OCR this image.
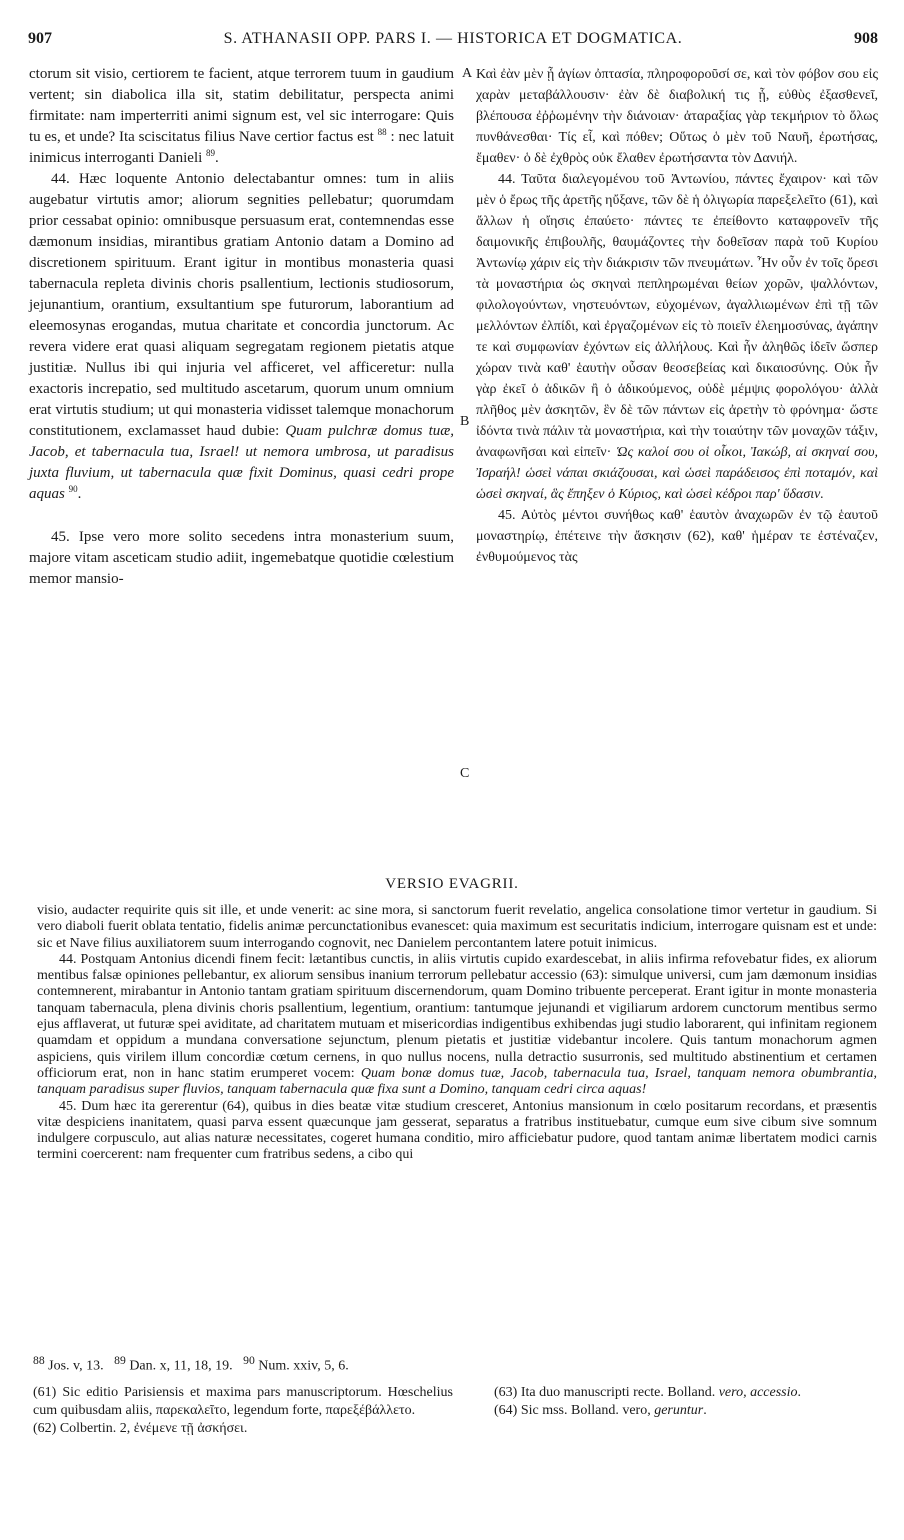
907	S. ATHANASII OPP. PARS I. — HISTORICA ET DOGMATICA.	908

ctorum sit visio, certiorem te facient, atque terrorem tuum in gaudium vertent; sin diabolica illa sit, statim debilitatur, perspecta animi firmitate: nam imperterriti animi signum est, vel sic interrogare: Quis tu es, et unde? Ita sciscitatus filius Nave certior factus est $^{88}$ : nec latuit inimicus interroganti Danieli $^{89}$.

44. Hæc loquente Antonio delectabantur omnes: tum in aliis augebatur virtutis amor; aliorum segnities pellebatur; quorumdam prior cessabat opinio: omnibusque persuasum erat, contemnendas esse dæmonum insidias, mirantibus gratiam Antonio datam a Domino ad discretionem spirituum. Erant igitur in montibus monasteria quasi tabernacula repleta divinis choris psallentium, lectionis studiosorum, jejunantium, orantium, exsultantium spe futurorum, laborantium ad eleemosynas erogandas, mutua charitate et concordia junctorum. Ac revera videre erat quasi aliquam segregatam regionem pietatis atque justitiæ. Nullus ibi qui injuria vel afficeret, vel afficeretur: nulla exactoris increpatio, sed multitudo ascetarum, quorum unum omnium erat virtutis studium; ut qui monasteria vidisset talemque monachorum constitutionem, exclamasset haud dubie: Quam pulchræ domus tuæ, Jacob, et tabernacula tua, Israel! ut nemora umbrosa, ut paradisus juxta fluvium, ut tabernacula quæ fixit Dominus, quasi cedri prope aquas $^{90}$.

45. Ipse vero more solito secedens intra monasterium suum, majore vitam asceticam studio adiit, ingemebatque quotidie cœlestium memor mansio-

A
B
C

Καὶ ἐὰν μὲν ᾖ ἁγίων ὀπτασία, πληροφοροῦσί σε, καὶ τὸν φόβον σου εἰς χαρὰν μεταβάλλουσιν· ἐὰν δὲ διαβολική τις ᾖ, εὐθὺς ἐξασθενεῖ, βλέπουσα ἐῤῥωμένην τὴν διάνοιαν· ἀταραξίας γὰρ τεκμήριον τὸ ὅλως πυνθάνεσθαι· Τίς εἶ, καὶ πόθεν; Οὕτως ὁ μὲν τοῦ Ναυῆ, ἐρωτήσας, ἔμαθεν· ὁ δὲ ἐχθρὸς οὐκ ἔλαθεν ἐρωτήσαντα τὸν Δανιήλ.

44. Ταῦτα διαλεγομένου τοῦ Ἀντωνίου, πάντες ἔχαιρον· καὶ τῶν μὲν ὁ ἔρως τῆς ἀρετῆς ηὔξανε, τῶν δὲ ἡ ὀλιγωρία παρεξελεῖτο (61), καὶ ἄλλων ἡ οἴησις ἐπαύετο· πάντες τε ἐπείθοντο καταφρονεῖν τῆς δαιμονικῆς ἐπιβουλῆς, θαυμάζοντες τὴν δοθεῖσαν παρὰ τοῦ Κυρίου Ἀντωνίῳ χάριν εἰς τὴν διάκρισιν τῶν πνευμάτων. Ἦν οὖν ἐν τοῖς ὄρεσι τὰ μοναστήρια ὡς σκηναὶ πεπληρωμέναι θείων χορῶν, ψαλλόντων, φιλολογούντων, νηστευόντων, εὐχομένων, ἀγαλλιωμένων ἐπὶ τῇ τῶν μελλόντων ἐλπίδι, καὶ ἐργαζομένων εἰς τὸ ποιεῖν ἐλεημοσύνας, ἀγάπην τε καὶ συμφωνίαν ἐχόντων εἰς ἀλλήλους. Καὶ ἦν ἀληθῶς ἰδεῖν ὥσπερ χώραν τινὰ καθ' ἑαυτὴν οὖσαν θεοσεβείας καὶ δικαιοσύνης. Οὐκ ἦν γὰρ ἐκεῖ ὁ ἀδικῶν ἢ ὁ ἀδικούμενος, οὐδὲ μέμψις φορολόγου· ἀλλὰ πλῆθος μὲν ἀσκητῶν, ἓν δὲ τῶν πάντων εἰς ἀρετὴν τὸ φρόνημα· ὥστε ἰδόντα τινὰ πάλιν τὰ μοναστήρια, καὶ τὴν τοιαύτην τῶν μοναχῶν τάξιν, ἀναφωνῆσαι καὶ εἰπεῖν· Ὡς καλοί σου οἱ οἶκοι, Ἰακώβ, αἱ σκηναί σου, Ἰσραήλ! ὡσεὶ νάπαι σκιάζουσαι, καὶ ὡσεὶ παράδεισος ἐπὶ ποταμόν, καὶ ὡσεὶ σκηναί, ἃς ἔπηξεν ὁ Κύριος, καὶ ὡσεὶ κέδροι παρ' ὕδασιν.

45. Αὐτὸς μέντοι συνήθως καθ' ἑαυτὸν ἀναχωρῶν ἐν τῷ ἑαυτοῦ μοναστηρίῳ, ἐπέτεινε τὴν ἄσκησιν (62), καθ' ἡμέραν τε ἐστέναζεν, ἐνθυμούμενος τὰς

VERSIO EVAGRII.

visio, audacter requirite quis sit ille, et unde venerit: ac sine mora, si sanctorum fuerit revelatio, angelica consolatione timor vertetur in gaudium. Si vero diaboli fuerit oblata tentatio, fidelis animæ percunctationibus evanescet: quia maximum est securitatis indicium, interrogare quisnam est et unde: sic et Nave filius auxiliatorem suum interrogando cognovit, nec Danielem percontantem latere potuit inimicus.

44. Postquam Antonius dicendi finem fecit: lætantibus cunctis, in aliis virtutis cupido exardescebat, in aliis infirma refovebatur fides, ex aliorum mentibus falsæ opiniones pellebantur, ex aliorum sensibus inanium terrorum pellebatur accessio (63): simulque universi, cum jam dæmonum insidias contemnerent, mirabantur in Antonio tantam gratiam spirituum discernendorum, quam Domino tribuente perceperat. Erant igitur in monte monasteria tanquam tabernacula, plena divinis choris psallentium, legentium, orantium: tantumque jejunandi et vigiliarum ardorem cunctorum mentibus sermo ejus afflaverat, ut futuræ spei aviditate, ad charitatem mutuam et misericordias indigentibus exhibendas jugi studio laborarent, qui infinitam regionem quamdam et oppidum a mundana conversatione sejunctum, plenum pietatis et justitiæ videbantur incolere. Quis tantum monachorum agmen aspiciens, quis virilem illum concordiæ cœtum cernens, in quo nullus nocens, nulla detractio susurronis, sed multitudo abstinentium et certamen officiorum erat, non in hanc statim erumperet vocem: Quam bonæ domus tuæ, Jacob, tabernacula tua, Israel, tanquam nemora obumbrantia, tanquam paradisus super fluvios, tanquam tabernacula quæ fixa sunt a Domino, tanquam cedri circa aquas!

45. Dum hæc ita gererentur (64), quibus in dies beatæ vitæ studium cresceret, Antonius mansionum in cœlo positarum recordans, et præsentis vitæ despiciens inanitatem, quasi parva essent quæcunque jam gesserat, separatus a fratribus instituebatur, cumque eum sive cibum sive somnum indulgere corpusculo, aut alias naturæ necessitates, cogeret humana conditio, miro afficiebatur pudore, quod tantam animæ libertatem modici carnis termini coercerent: nam frequenter cum fratribus sedens, a cibo qui

$^{88}$ Jos. v, 13. $^{89}$ Dan. x, 11, 18, 19. $^{90}$ Num. xxiv, 5, 6.

(61) Sic editio Parisiensis et maxima pars manuscriptorum. Hœschelius cum quibusdam aliis, παρεκαλεῖτο, legendum forte, παρεξέβάλλετο.

(62) Colbertin. 2, ἐνέμενε τῇ ἀσκήσει.

(63) Ita duo manuscripti recte. Bolland. vero, accessio.

(64) Sic mss. Bolland. vero, geruntur.
